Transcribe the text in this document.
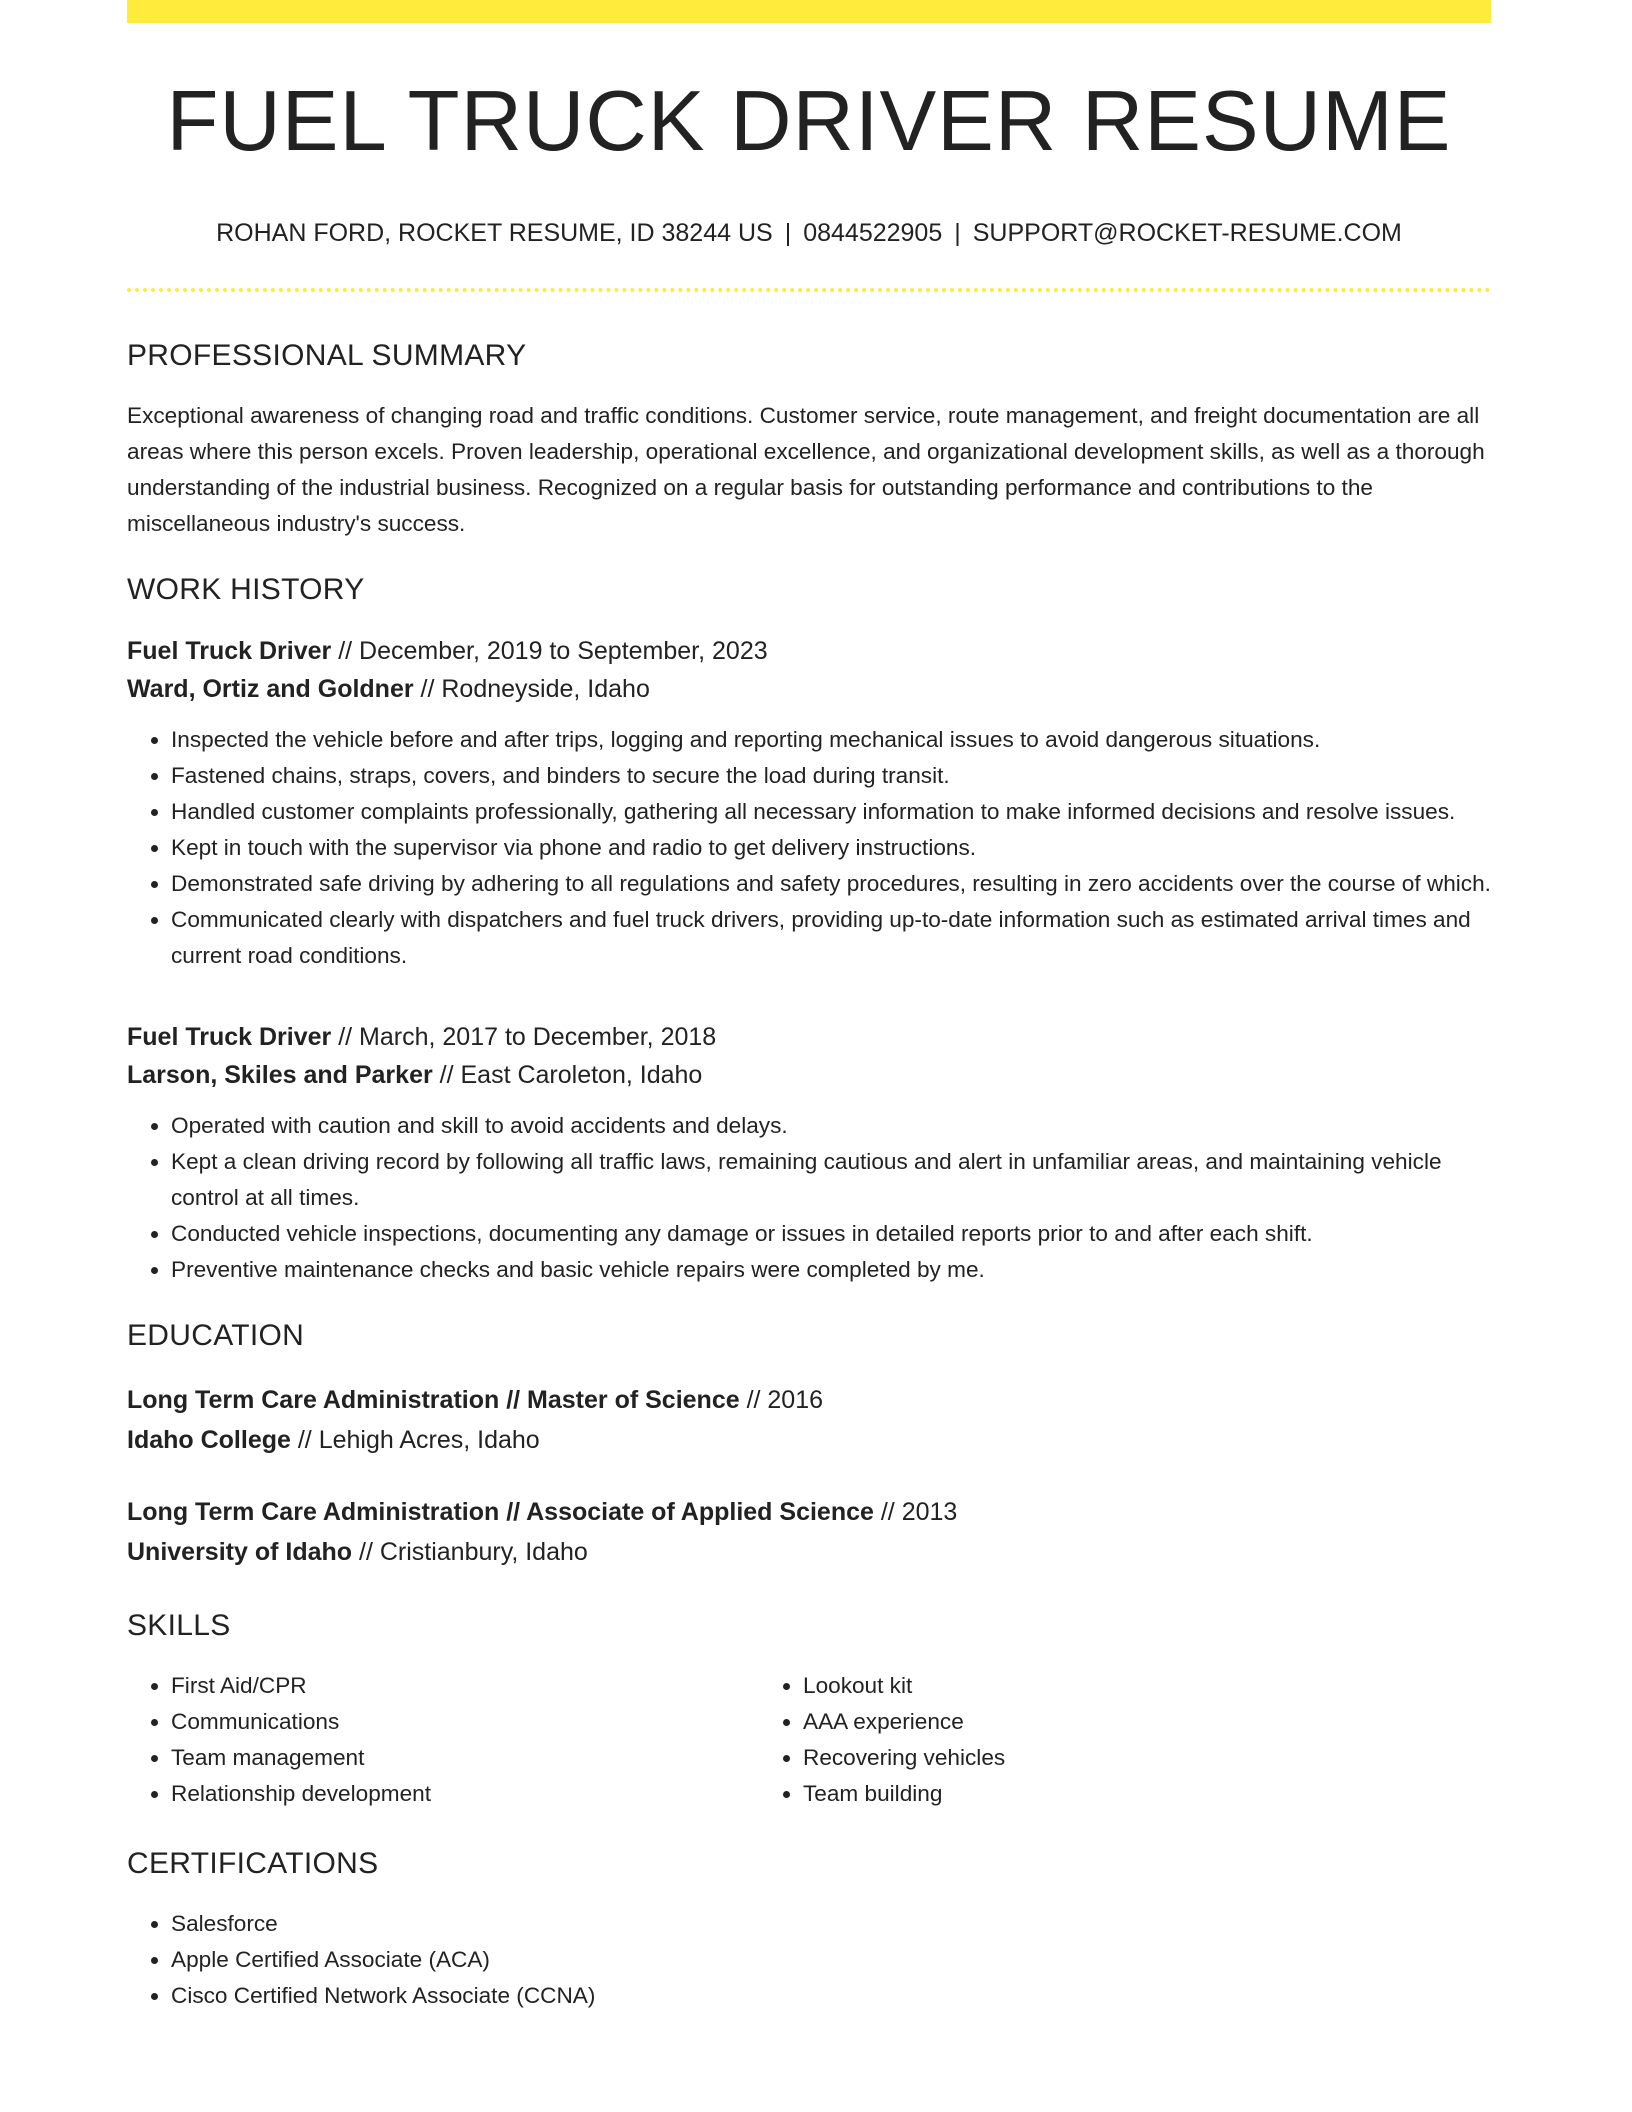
FUEL TRUCK DRIVER RESUME
ROHAN FORD, ROCKET RESUME, ID 38244 US | 0844522905 | SUPPORT@ROCKET-RESUME.COM
PROFESSIONAL SUMMARY

Exceptional awareness of changing road and traffic conditions. Customer service, route management, and freight documentation are all areas where this person excels. Proven leadership, operational excellence, and organizational development skills, as well as a thorough understanding of the industrial business. Recognized on a regular basis for outstanding performance and contributions to the miscellaneous industry's success.

WORK HISTORY
Fuel Truck Driver // December, 2019 to September, 2023
Ward, Ortiz and Goldner // Rodneyside, Idaho
• Inspected the vehicle before and after trips, logging and reporting mechanical issues to avoid dangerous situations.
• Fastened chains, straps, covers, and binders to secure the load during transit.
• Handled customer complaints professionally, gathering all necessary information to make informed decisions and resolve issues.
• Kept in touch with the supervisor via phone and radio to get delivery instructions.
• Demonstrated safe driving by adhering to all regulations and safety procedures, resulting in zero accidents over the course of which.
• Communicated clearly with dispatchers and fuel truck drivers, providing up-to-date information such as estimated arrival times and current road conditions.
Fuel Truck Driver // March, 2017 to December, 2018
Larson, Skiles and Parker // East Caroleton, Idaho
• Operated with caution and skill to avoid accidents and delays.
• Kept a clean driving record by following all traffic laws, remaining cautious and alert in unfamiliar areas, and maintaining vehicle control at all times.
• Conducted vehicle inspections, documenting any damage or issues in detailed reports prior to and after each shift.
• Preventive maintenance checks and basic vehicle repairs were completed by me.
EDUCATION
Long Term Care Administration // Master of Science // 2016
Idaho College // Lehigh Acres, Idaho
Long Term Care Administration // Associate of Applied Science // 2013
University of Idaho // Cristianbury, Idaho
SKILLS
• First Aid/CPR
• Communications
• Team management
• Relationship development
• Lookout kit
• AAA experience
• Recovering vehicles
• Team building
CERTIFICATIONS
• Salesforce
• Apple Certified Associate (ACA)
• Cisco Certified Network Associate (CCNA)
